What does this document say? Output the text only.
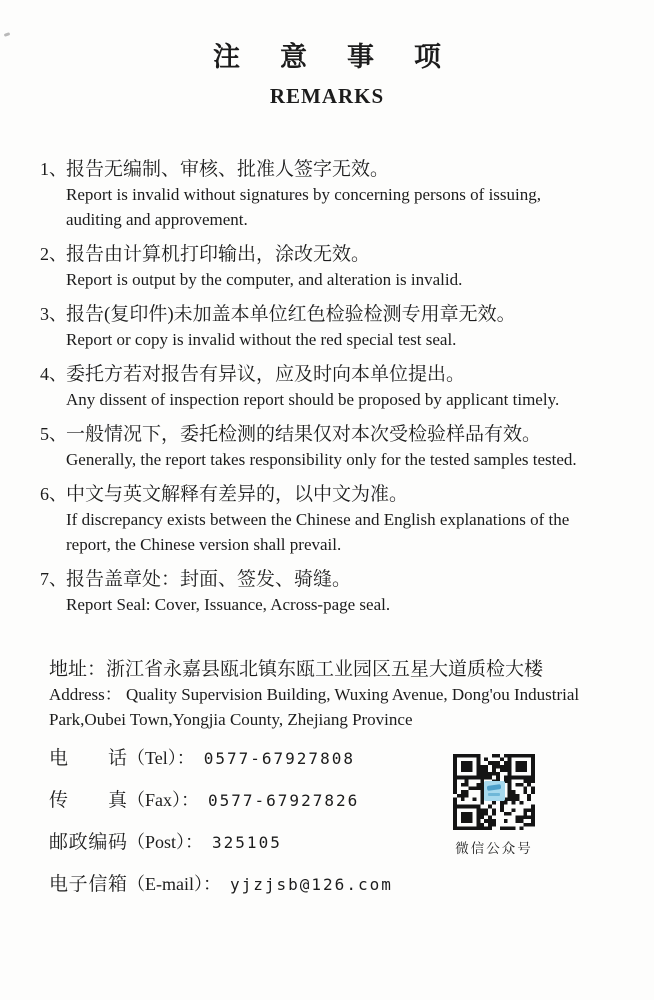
注意事项
REMARKS
1、 报告无编制、审核、批准人签字无效。
Report is invalid without signatures by concerning persons of issuing,
auditing and approvement.
2、 报告由计算机打印输出，涂改无效。
Report is output by the computer, and alteration is invalid.
3、 报告(复印件)未加盖本单位红色检验检测专用章无效。
Report or copy is invalid without the red special test seal.
4、 委托方若对报告有异议，应及时向本单位提出。
Any dissent of inspection report should be proposed by applicant timely.
5、 一般情况下，委托检测的结果仅对本次受检验样品有效。
Generally, the report takes responsibility only for the tested samples tested.
6、 中文与英文解释有差异的，以中文为准。
If discrepancy exists between the Chinese and English explanations of the
report, the Chinese version shall prevail.
7、 报告盖章处：封面、签发、骑缝。
Report Seal: Cover, Issuance, Across-page seal.
地址：浙江省永嘉县瓯北镇东瓯工业园区五星大道质检大楼
Address： Quality Supervision Building, Wuxing Avenue, Dong'ou Industrial
Park,Oubei Town,Yongjia County, Zhejiang Province
电话（Tel）： 0577-67927808
传真（Fax）： 0577-67927826
邮政编码（Post）： 325105
电子信箱（E-mail）： yjzjsb@126.com
微信公众号
